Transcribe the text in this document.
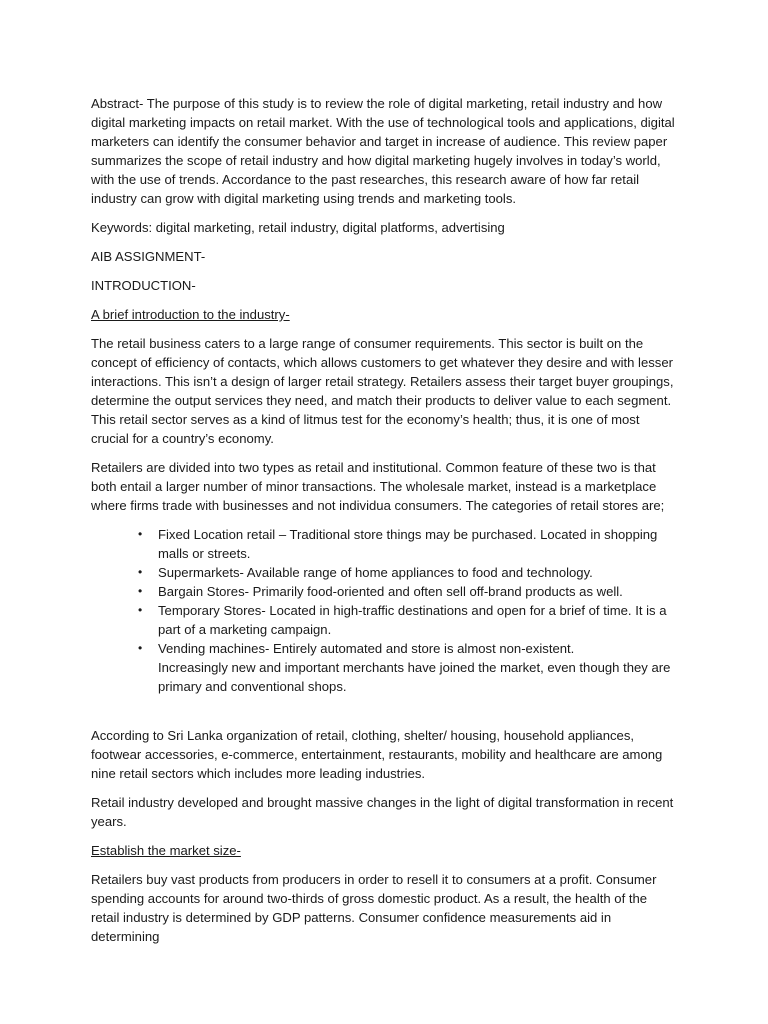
Abstract- The purpose of this study is to review the role of digital marketing, retail industry and how digital marketing impacts on retail market. With the use of technological tools and applications, digital marketers can identify the consumer behavior and target in increase of audience. This review paper summarizes the scope of retail industry and how digital marketing hugely involves in today’s world, with the use of trends. Accordance to the past researches, this research aware of how far retail industry can grow with digital marketing using trends and marketing tools.

Keywords: digital marketing, retail industry, digital platforms, advertising

AIB ASSIGNMENT-

INTRODUCTION-

A brief introduction to the industry-

The retail business caters to a large range of consumer requirements. This sector is built on the concept of efficiency of contacts, which allows customers to get whatever they desire and with lesser interactions. This isn’t a design of larger retail strategy. Retailers assess their target buyer groupings, determine the output services they need, and match their products to deliver value to each segment. This retail sector serves as a kind of litmus test for the economy’s health; thus, it is one of most crucial for a country’s economy.

Retailers are divided into two types as retail and institutional. Common feature of these two is that both entail a larger number of minor transactions. The wholesale market, instead is a marketplace where firms trade with businesses and not individua consumers. The categories of retail stores are;

• Fixed Location retail – Traditional store things may be purchased. Located in shopping malls or streets.
• Supermarkets- Available range of home appliances to food and technology.
• Bargain Stores- Primarily food-oriented and often sell off-brand products as well.
• Temporary Stores- Located in high-traffic destinations and open for a brief of time. It is a part of a marketing campaign.
• Vending machines- Entirely automated and store is almost non-existent.

Increasingly new and important merchants have joined the market, even though they are primary and conventional shops.

According to Sri Lanka organization of retail, clothing, shelter/ housing, household appliances, footwear accessories, e-commerce, entertainment, restaurants, mobility and healthcare are among nine retail sectors which includes more leading industries.

Retail industry developed and brought massive changes in the light of digital transformation in recent years.

Establish the market size-

Retailers buy vast products from producers in order to resell it to consumers at a profit. Consumer spending accounts for around two-thirds of gross domestic product. As a result, the health of the retail industry is determined by GDP patterns. Consumer confidence measurements aid in determining
